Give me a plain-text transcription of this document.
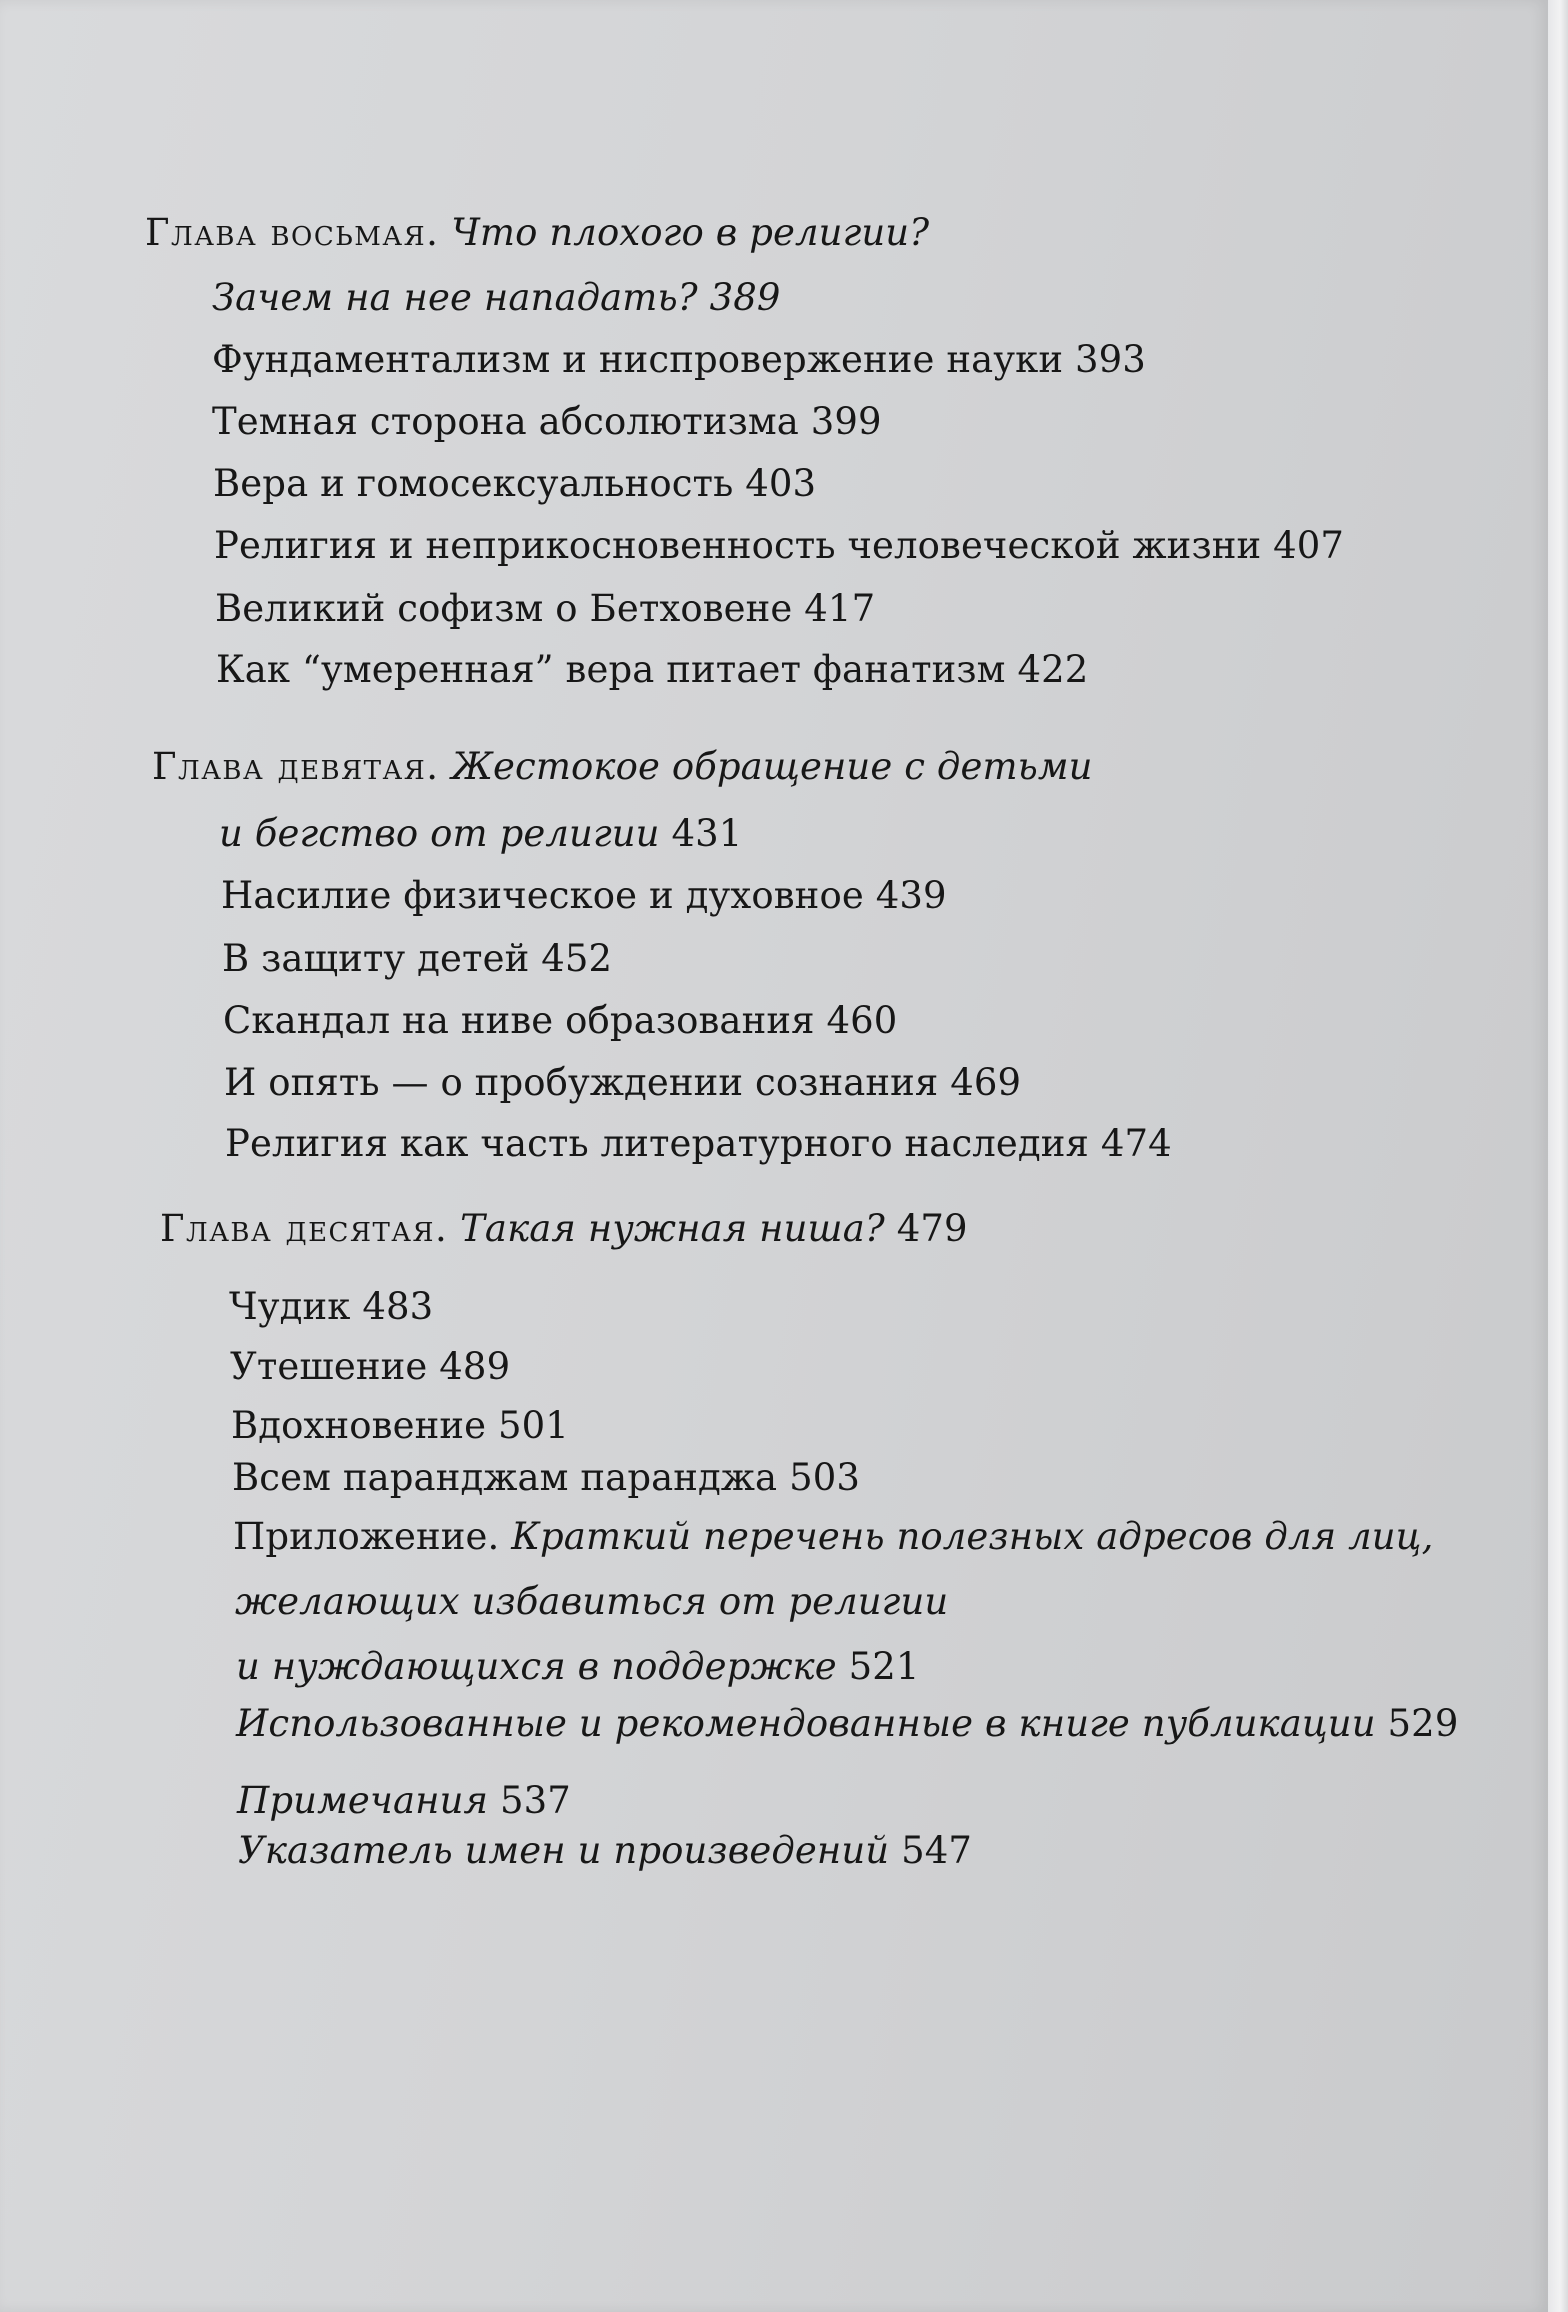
Глава восьмая. Что плохого в религии?
Зачем на нее нападать? 389
Фундаментализм и ниспровержение науки 393
Темная сторона абсолютизма 399
Вера и гомосексуальность 403
Религия и неприкосновенность человеческой жизни 407
Великий софизм о Бетховене 417
Как “умеренная” вера питает фанатизм 422
Глава девятая. Жестокое обращение с детьми
и бегство от религии 431
Насилие физическое и духовное 439
В защиту детей 452
Скандал на ниве образования 460
И опять — о пробуждении сознания 469
Религия как часть литературного наследия 474
Глава десятая. Такая нужная ниша? 479
Чудик 483
Утешение 489
Вдохновение 501
Всем паранджам паранджа 503
Приложение. Краткий перечень полезных адресов для лиц,
желающих избавиться от религии
и нуждающихся в поддержке 521
Использованные и рекомендованные в книге публикации 529
Примечания 537
Указатель имен и произведений 547
